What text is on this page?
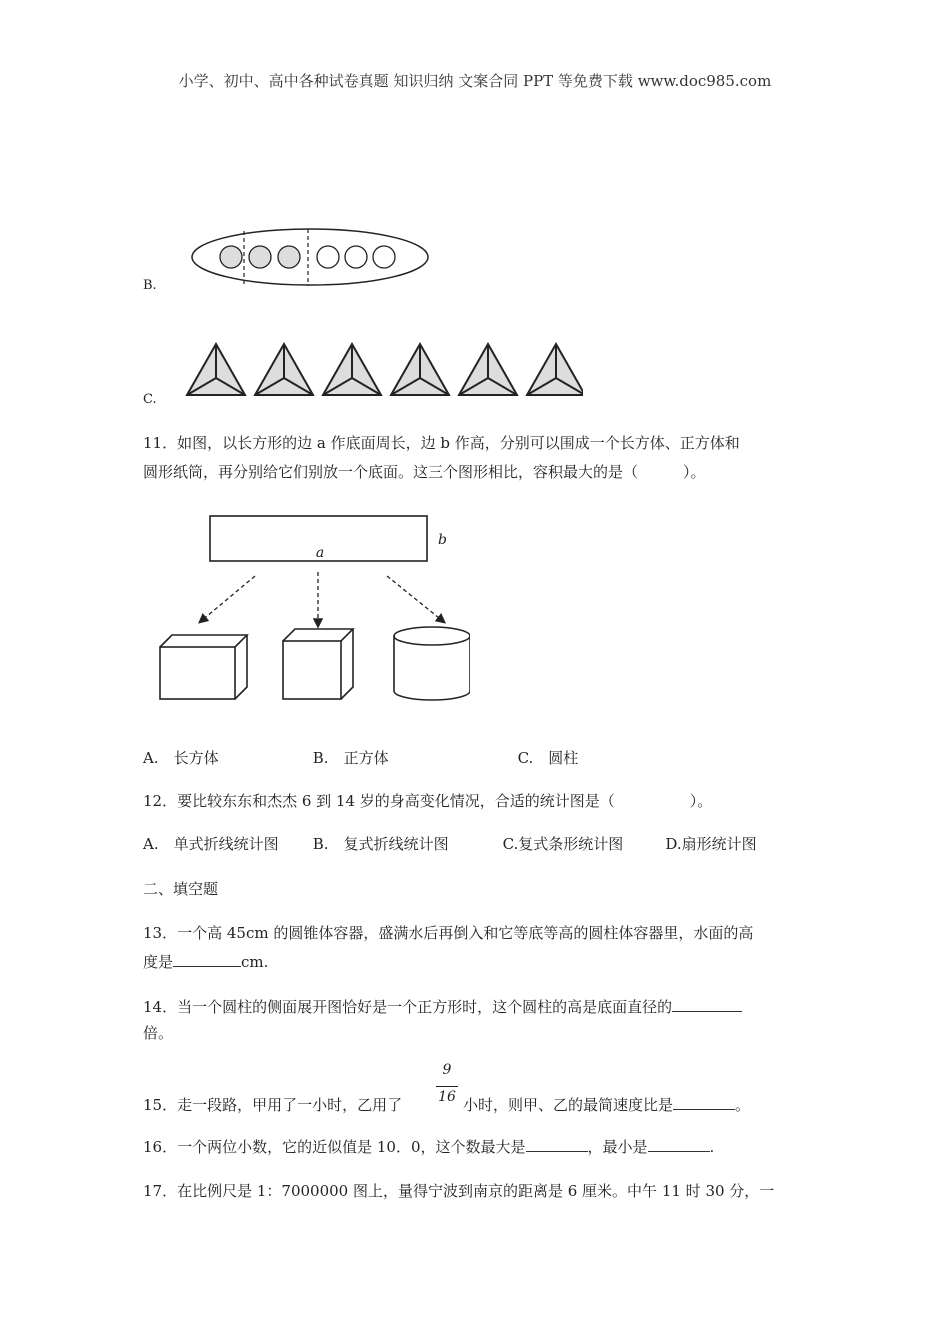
小学、初中、高中各种试卷真题 知识归纳 文案合同 PPT 等免费下载 www.doc985.com
B.
C.
11．如图，以长方形的边 a 作底面周长，边 b 作高，分别可以围成一个长方体、正方体和
圆形纸筒，再分别给它们别放一个底面。这三个图形相比，容积最大的是（　　　）。
a
b
A.　长方体	B.　正方体	C.　圆柱
12．要比较东东和杰杰 6 到 14 岁的身高变化情况，合适的统计图是（　　　　　）。
A.　单式折线统计图 B.　复式折线统计图	C.复式条形统计图	D.扇形统计图
二、填空题
13．一个高 45cm 的圆锥体容器，盛满水后再倒入和它等底等高的圆柱体容器里，水面的高
度是	cm.
14．当一个圆柱的侧面展开图恰好是一个正方形时，这个圆柱的高是底面直径的
倍。
9
16
15．走一段路，甲用了一小时，乙用了	小时，则甲、乙的最简速度比是	。
16．一个两位小数，它的近似值是 10．0，这个数最大是	，最小是	.
17．在比例尺是 1：7000000 图上，量得宁波到南京的距离是 6 厘米。中午 11 时 30 分，一
